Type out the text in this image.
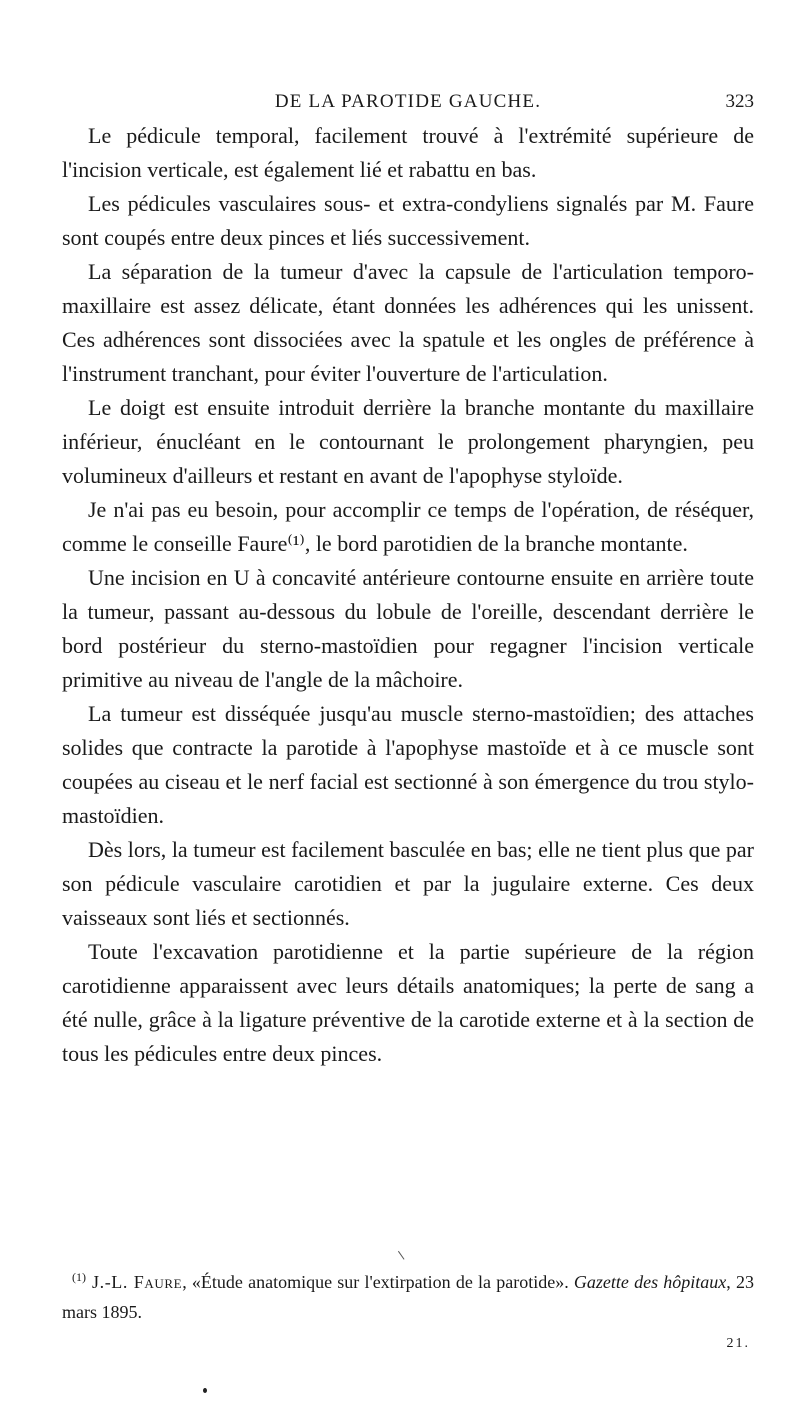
DE LA PAROTIDE GAUCHE.	323

Le pédicule temporal, facilement trouvé à l'extrémité supérieure de l'incision verticale, est également lié et rabattu en bas.

Les pédicules vasculaires sous- et extra-condyliens signalés par M. Faure sont coupés entre deux pinces et liés successivement.

La séparation de la tumeur d'avec la capsule de l'articulation temporo-maxillaire est assez délicate, étant données les adhérences qui les unissent. Ces adhérences sont dissociées avec la spatule et les ongles de préférence à l'instrument tranchant, pour éviter l'ouverture de l'articulation.

Le doigt est ensuite introduit derrière la branche montante du maxillaire inférieur, énucléant en le contournant le prolongement pharyngien, peu volumineux d'ailleurs et restant en avant de l'apophyse styloïde.

Je n'ai pas eu besoin, pour accomplir ce temps de l'opération, de réséquer, comme le conseille Faure⁽¹⁾, le bord parotidien de la branche montante.

Une incision en U à concavité antérieure contourne ensuite en arrière toute la tumeur, passant au-dessous du lobule de l'oreille, descendant derrière le bord postérieur du sterno-mastoïdien pour regagner l'incision verticale primitive au niveau de l'angle de la mâchoire.

La tumeur est disséquée jusqu'au muscle sterno-mastoïdien; des attaches solides que contracte la parotide à l'apophyse mastoïde et à ce muscle sont coupées au ciseau et le nerf facial est sectionné à son émergence du trou stylo-mastoïdien.

Dès lors, la tumeur est facilement basculée en bas; elle ne tient plus que par son pédicule vasculaire carotidien et par la jugulaire externe. Ces deux vaisseaux sont liés et sectionnés.

Toute l'excavation parotidienne et la partie supérieure de la région carotidienne apparaissent avec leurs détails anatomiques; la perte de sang a été nulle, grâce à la ligature préventive de la carotide externe et à la section de tous les pédicules entre deux pinces.

$^{(1)}$ J.-L. Faure, «Étude anatomique sur l'extirpation de la parotide». Gazette des hôpitaux, 23 mars 1895.
21.
